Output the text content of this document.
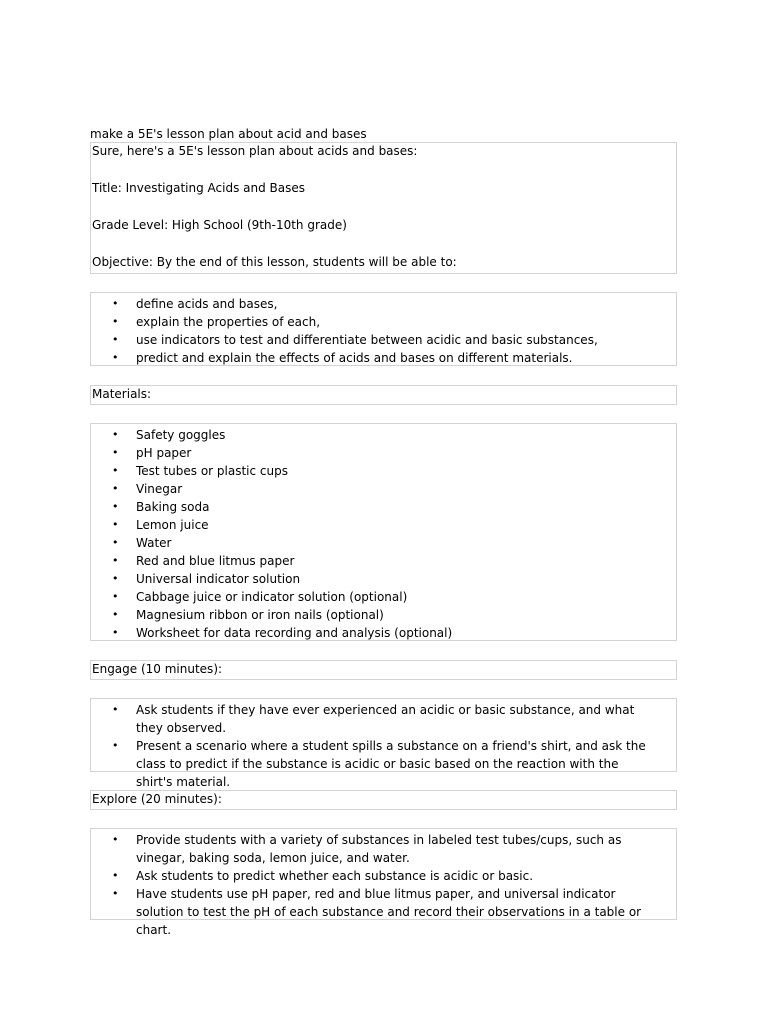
make a 5E's lesson plan about acid and bases

Sure, here's a 5E's lesson plan about acids and bases:

Title: Investigating Acids and Bases

Grade Level: High School (9th-10th grade)

Objective: By the end of this lesson, students will be able to:

• define acids and bases,
• explain the properties of each,
• use indicators to test and differentiate between acidic and basic substances,
• predict and explain the effects of acids and bases on different materials.

Materials:

• Safety goggles
• pH paper
• Test tubes or plastic cups
• Vinegar
• Baking soda
• Lemon juice
• Water
• Red and blue litmus paper
• Universal indicator solution
• Cabbage juice or indicator solution (optional)
• Magnesium ribbon or iron nails (optional)
• Worksheet for data recording and analysis (optional)

Engage (10 minutes):

• Ask students if they have ever experienced an acidic or basic substance, and what they observed.
• Present a scenario where a student spills a substance on a friend's shirt, and ask the class to predict if the substance is acidic or basic based on the reaction with the shirt's material.

Explore (20 minutes):

• Provide students with a variety of substances in labeled test tubes/cups, such as vinegar, baking soda, lemon juice, and water.
• Ask students to predict whether each substance is acidic or basic.
• Have students use pH paper, red and blue litmus paper, and universal indicator solution to test the pH of each substance and record their observations in a table or chart.
